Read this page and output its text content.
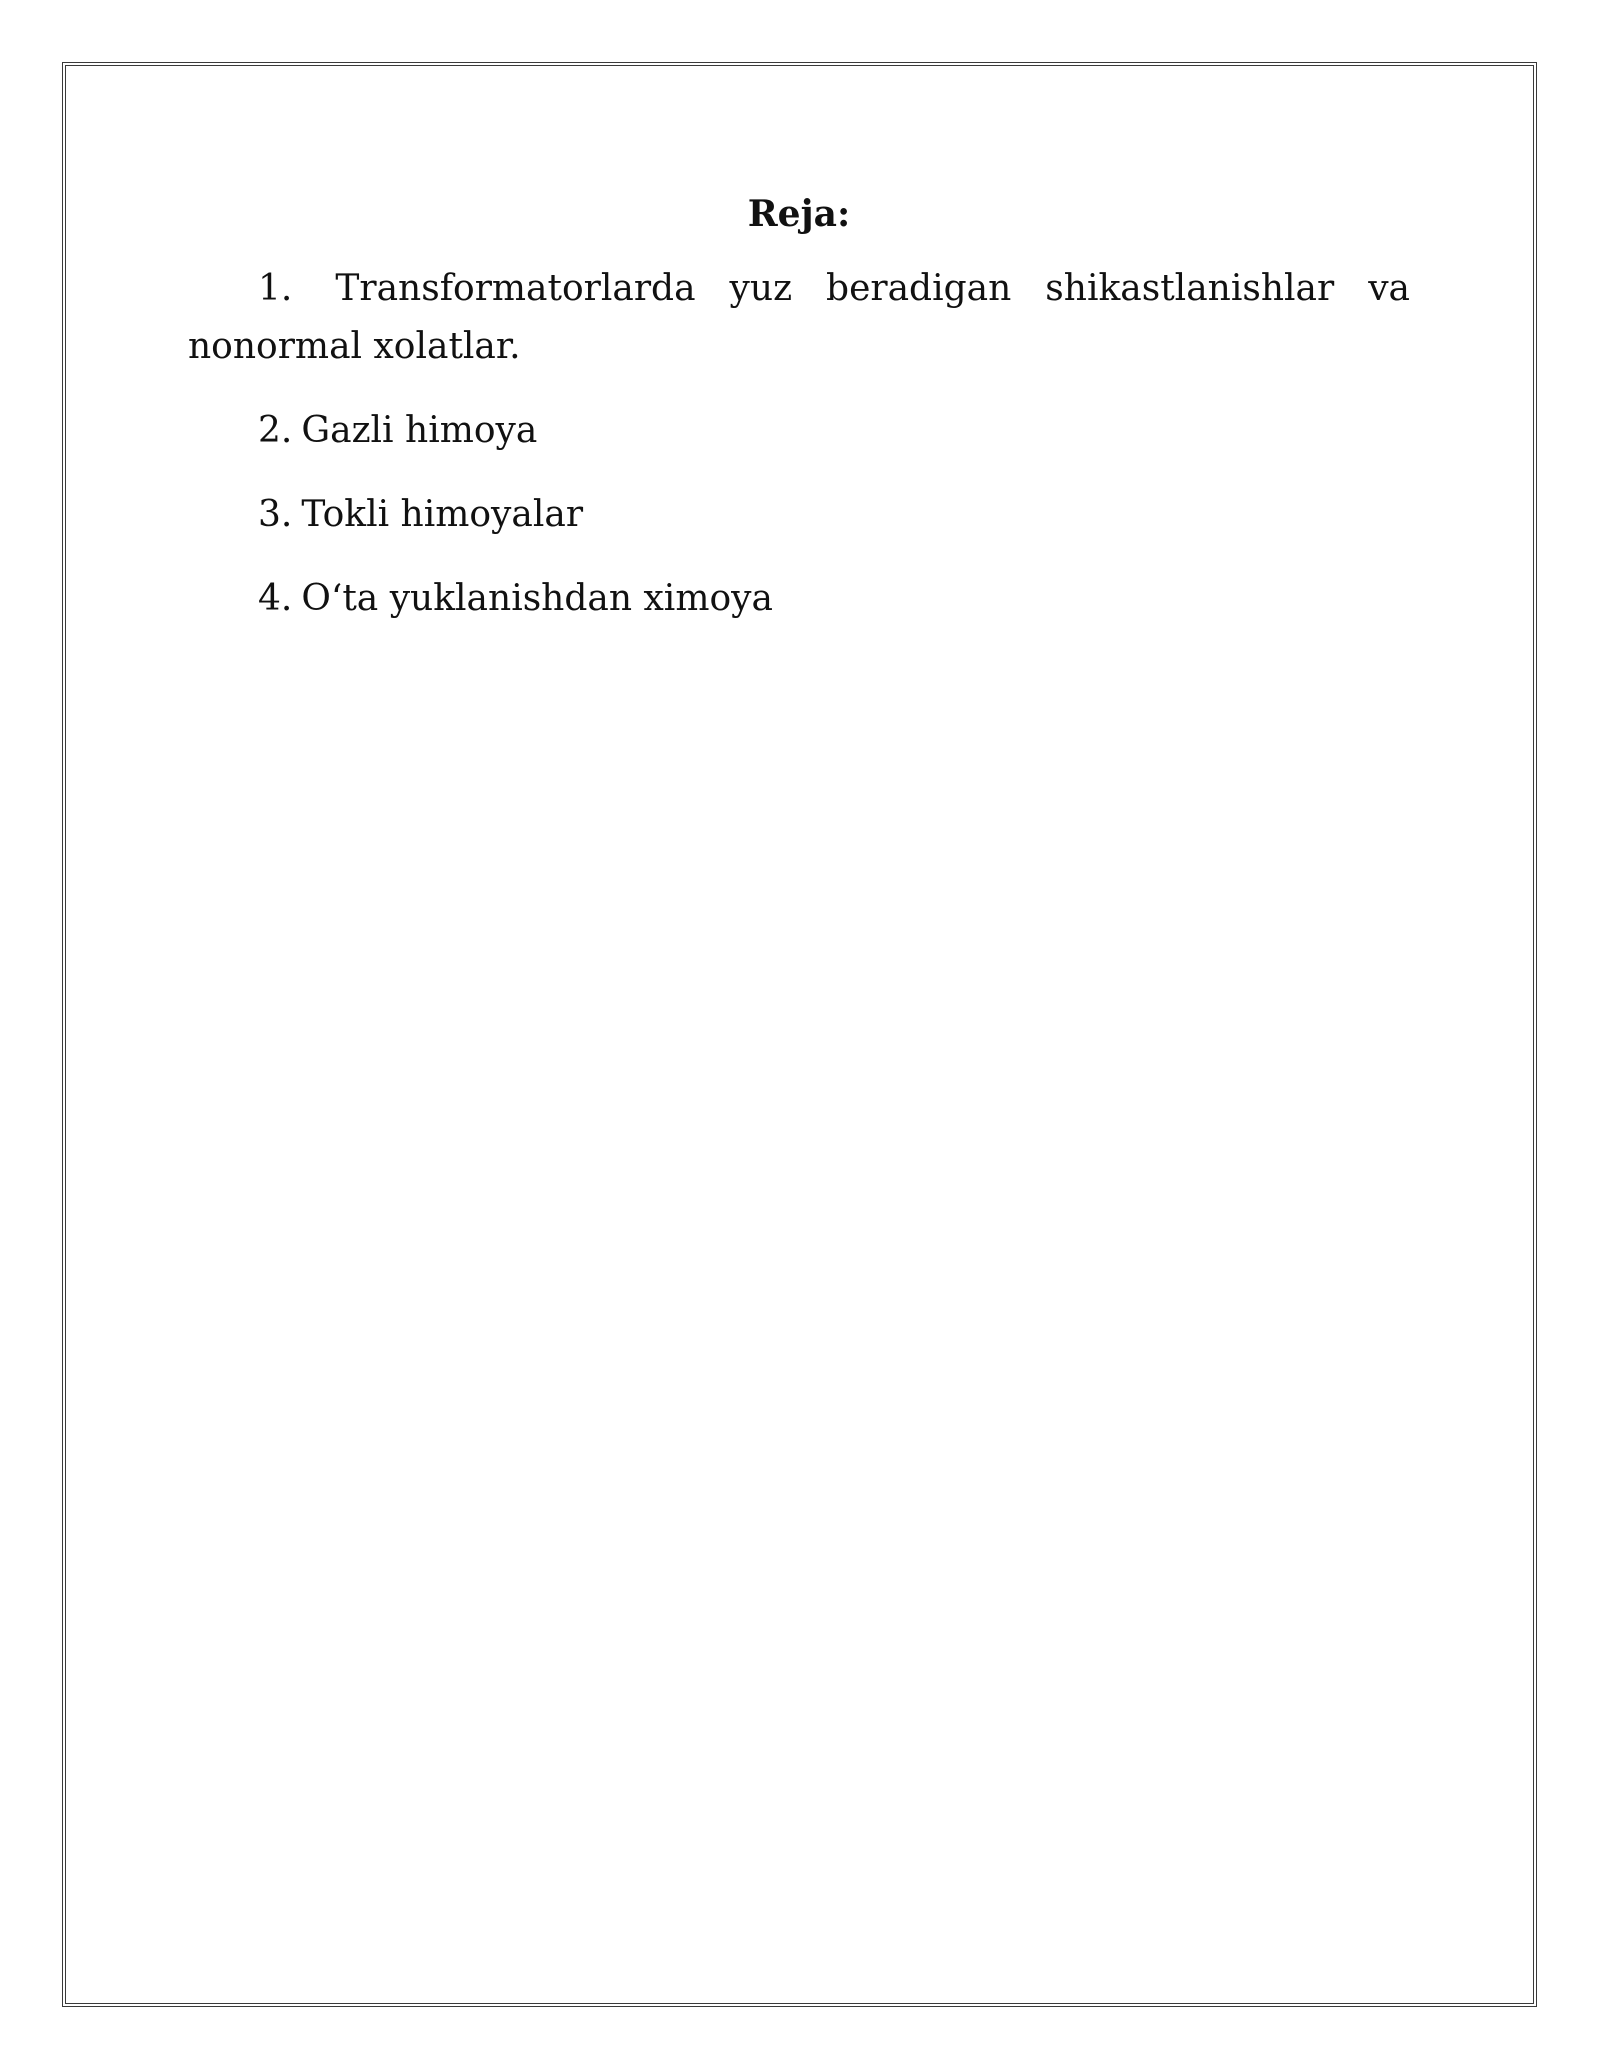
Reja:
1. Transformatorlarda yuz beradigan shikastlanishlar va nonormal xolatlar.
2. Gazli himoya
3. Tokli himoyalar
4. O‘ta yuklanishdan ximoya
